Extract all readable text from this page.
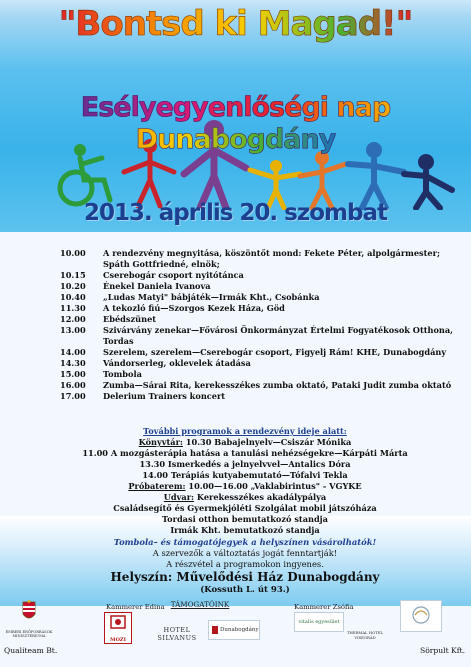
"Bontsd ki Magad!"
Esélyegyenlőségi nap Dunabogdány
2013. április 20. szombat
10.00	A rendezvény megnyitása, köszöntőt mond: Fekete Péter, alpolgármester; Spáth Gottfriedné, elnök;
10.15	Cserebogár csoport nyitótánca
10.20	Énekel Daniela Ivanova
10.40	„Ludas Matyi" bábjáték—Irmák Kht., Csobánka
11.30	A tekozló fiú—Szorgos Kezek Háza, Göd
12.00	Ebédszünet
13.00	Szivárvány zenekar—Fővárosi Önkormányzat Értelmi Fogyatékosok Otthona, Tordas
14.00	Szerelem, szerelem—Cserebogár csoport, Figyelj Rám! KHE, Dunabogdány
14.30	Vándorserleg, oklevelek átadása
15.00	Tombola
16.00	Zumba—Sárai Rita, kerekesszékes zumba oktató, Pataki Judit zumba oktató
17.00	Delerium Trainers koncert
További programok a rendezvény ideje alatt:
Könyvtár: 10.30 Babajelnyelv—Csiszár Mónika
11.00 A mozgásterápia hatása a tanulási nehézségekre—Kárpáti Márta
13.30 Ismerkedés a jelnyelvvel—Antalics Dóra
14.00 Terápiás kutyabemutató—Tófalvi Tekla
Próbaterem: 10.00—16.00 „Vaklabirintus" - VGYKE
Udvar: Kerekesszékes akadálypálya
Családsegítő és Gyermekjóléti Szolgálat mobil játszóháza
Tordasi otthon bemutatkozó standja
Irmák Kht. bemutatkozó standja
Tombola– és támogatójegyek a helyszínen vásárolhatók!
A szervezők a változtatás jogát fenntartják!
A részvétel a programokon ingyenes.
Helyszín: Művelődési Ház Dunabogdány
(Kossuth L. út 93.)
Kammerer Edina TÁMOGATÓINK	Kammerer Zsófia
EMBERI ERŐFORRÁSOK MINISZTÉRIUMA
MOZI
HOTEL SILVANUS
$^{Dunabogdány}$
vitalis egyesület
THERMAL HOTEL VISEGRÁD
Qualiteam Bt.	Sörpult Kft.
